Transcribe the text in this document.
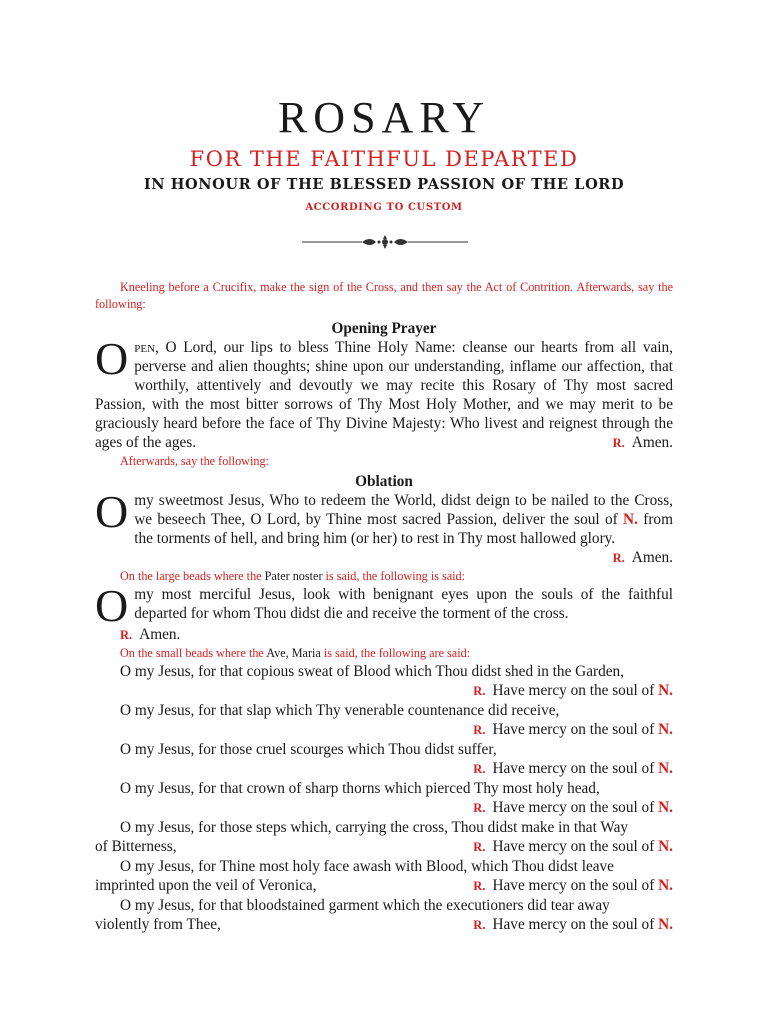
ROSARY
FOR THE FAITHFUL DEPARTED
IN HONOUR OF THE BLESSED PASSION OF THE LORD
ACCORDING TO CUSTOM
Kneeling before a Crucifix, make the sign of the Cross, and then say the Act of Contrition. Afterwards, say the following:
Opening Prayer

Open, O Lord, our lips to bless Thine Holy Name: cleanse our hearts from all vain, perverse and alien thoughts; shine upon our understanding, inflame our affection, that worthily, attentively and devoutly we may recite this Rosary of Thy most sacred Passion, with the most bitter sorrows of Thy Most Holy Mother, and we may merit to be graciously heard before the face of Thy Divine Majesty: Who livest and reignest through the ages of the ages.	R. Amen.

Afterwards, say the following:
Oblation

O my sweetmost Jesus, Who to redeem the World, didst deign to be nailed to the Cross, we beseech Thee, O Lord, by Thine most sacred Passion, deliver the soul of N. from the torments of hell, and bring him (or her) to rest in Thy most hallowed glory.
R. Amen.

On the large beads where the Pater noster is said, the following is said:

O my most merciful Jesus, look with benignant eyes upon the souls of the faithful departed for whom Thou didst die and receive the torment of the cross.

R. Amen.
On the small beads where the Ave, Maria is said, the following are said:
O my Jesus, for that copious sweat of Blood which Thou didst shed in the Garden,
R. Have mercy on the soul of N.
O my Jesus, for that slap which Thy venerable countenance did receive,
R. Have mercy on the soul of N.
O my Jesus, for those cruel scourges which Thou didst suffer,
R. Have mercy on the soul of N.
O my Jesus, for that crown of sharp thorns which pierced Thy most holy head,
R. Have mercy on the soul of N.
O my Jesus, for those steps which, carrying the cross, Thou didst make in that Way
of Bitterness,	R. Have mercy on the soul of N.
O my Jesus, for Thine most holy face awash with Blood, which Thou didst leave
imprinted upon the veil of Veronica,	R. Have mercy on the soul of N.
O my Jesus, for that bloodstained garment which the executioners did tear away
violently from Thee,	R. Have mercy on the soul of N.
